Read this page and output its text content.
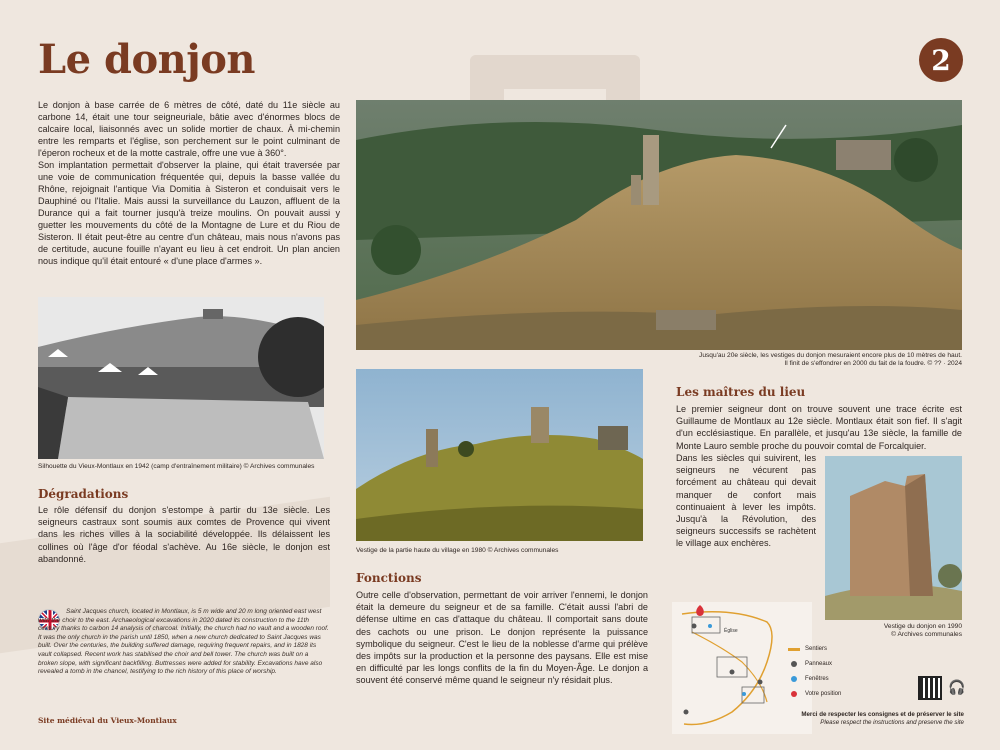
Le donjon	2

Le donjon à base carrée de 6 mètres de côté, daté du 11e siècle au carbone 14, était une tour seigneuriale, bâtie avec d'énormes blocs de calcaire local, liaisonnés avec un solide mortier de chaux. À mi-chemin entre les remparts et l'église, son perchement sur le point culminant de l'éperon rocheux et de la motte castrale, offre une vue à 360°.

Son implantation permettait d'observer la plaine, qui était traversée par une voie de communication fréquentée qui, depuis la basse vallée du Rhône, rejoignait l'antique Via Domitia à Sisteron et conduisait vers le Dauphiné ou l'Italie. Mais aussi la surveillance du Lauzon, affluent de la Durance qui a fait tourner jusqu'à treize moulins. On pouvait aussi y guetter les mouvements du côté de la Montagne de Lure et du Riou de Sisteron. Il était peut-être au centre d'un château, mais nous n'avons pas de certitude, aucune fouille n'ayant eu lieu à cet endroit. Un plan ancien nous indique qu'il était entouré « d'une place d'armes ».

Jusqu'au 20e siècle, les vestiges du donjon mesuraient encore plus de 10 mètres de haut.
Il finit de s'effondrer en 2000 du fait de la foudre. © ?? · 2024
Silhouette du Vieux-Montlaux en 1942 (camp d'entraînement militaire) © Archives communales
Dégradations
Le rôle défensif du donjon s'estompe à partir du 13e siècle. Les seigneurs castraux sont soumis aux comtes de Provence qui vivent dans les riches villes à la sociabilité développée. Ils délaissent les collines où l'âge d'or féodal s'achève. Au 16e siècle, le donjon est abandonné.
Vestige de la partie haute du village en 1980 © Archives communales
Les maîtres du lieu
Le premier seigneur dont on trouve souvent une trace écrite est Guillaume de Montlaux au 12e siècle. Montlaux était son fief. Il s'agit d'un ecclésiastique. En parallèle, et jusqu'au 13e siècle, la famille de Monte Lauro semble proche du pouvoir comtal de Forcalquier.
Dans les siècles qui suivirent, les seigneurs ne vécurent pas forcément au château qui devait manquer de confort mais continuaient à lever les impôts. Jusqu'à la Révolution, des seigneurs successifs se rachètent le village aux enchères.
Vestige du donjon en 1990
© Archives communales
Fonctions
Outre celle d'observation, permettant de voir arriver l'ennemi, le donjon était la demeure du seigneur et de sa famille. C'était aussi l'abri de défense ultime en cas d'attaque du château. Il comportait sans doute des cachots ou une prison. Le donjon représente la puissance symbolique du seigneur. C'est le lieu de la noblesse d'arme qui prélève des impôts sur la production et la personne des paysans. Elle est mise en difficulté par les longs conflits de la fin du Moyen-Âge. Le donjon a souvent été conservé même quand le seigneur n'y résidait plus.
Saint Jacques church, located in Montlaux, is 5 m wide and 20 m long oriented east west with the choir to the east. Archaeological excavations in 2020 dated its construction to the 11th century thanks to carbon 14 analysis of charcoal. Initially, the church had no vault and a wooden roof. It was the only church in the parish until 1850, when a new church dedicated to Saint Jacques was built. Over the centuries, the building suffered damage, requiring frequent repairs, and in 1828 its vault collapsed. Recent work has stabilised the choir and bell tower. The church was built on a broken slope, with significant backfilling. Buttresses were added for stability. Excavations have also revealed a tomb in the chancel, testifying to the rich history of this place of worship.
Site médiéval du Vieux-Montlaux
Église
Sentiers
Panneaux
Fenêtres
Votre position	🎧
Merci de respecter les consignes et de préserver le site
Please respect the instructions and preserve the site
